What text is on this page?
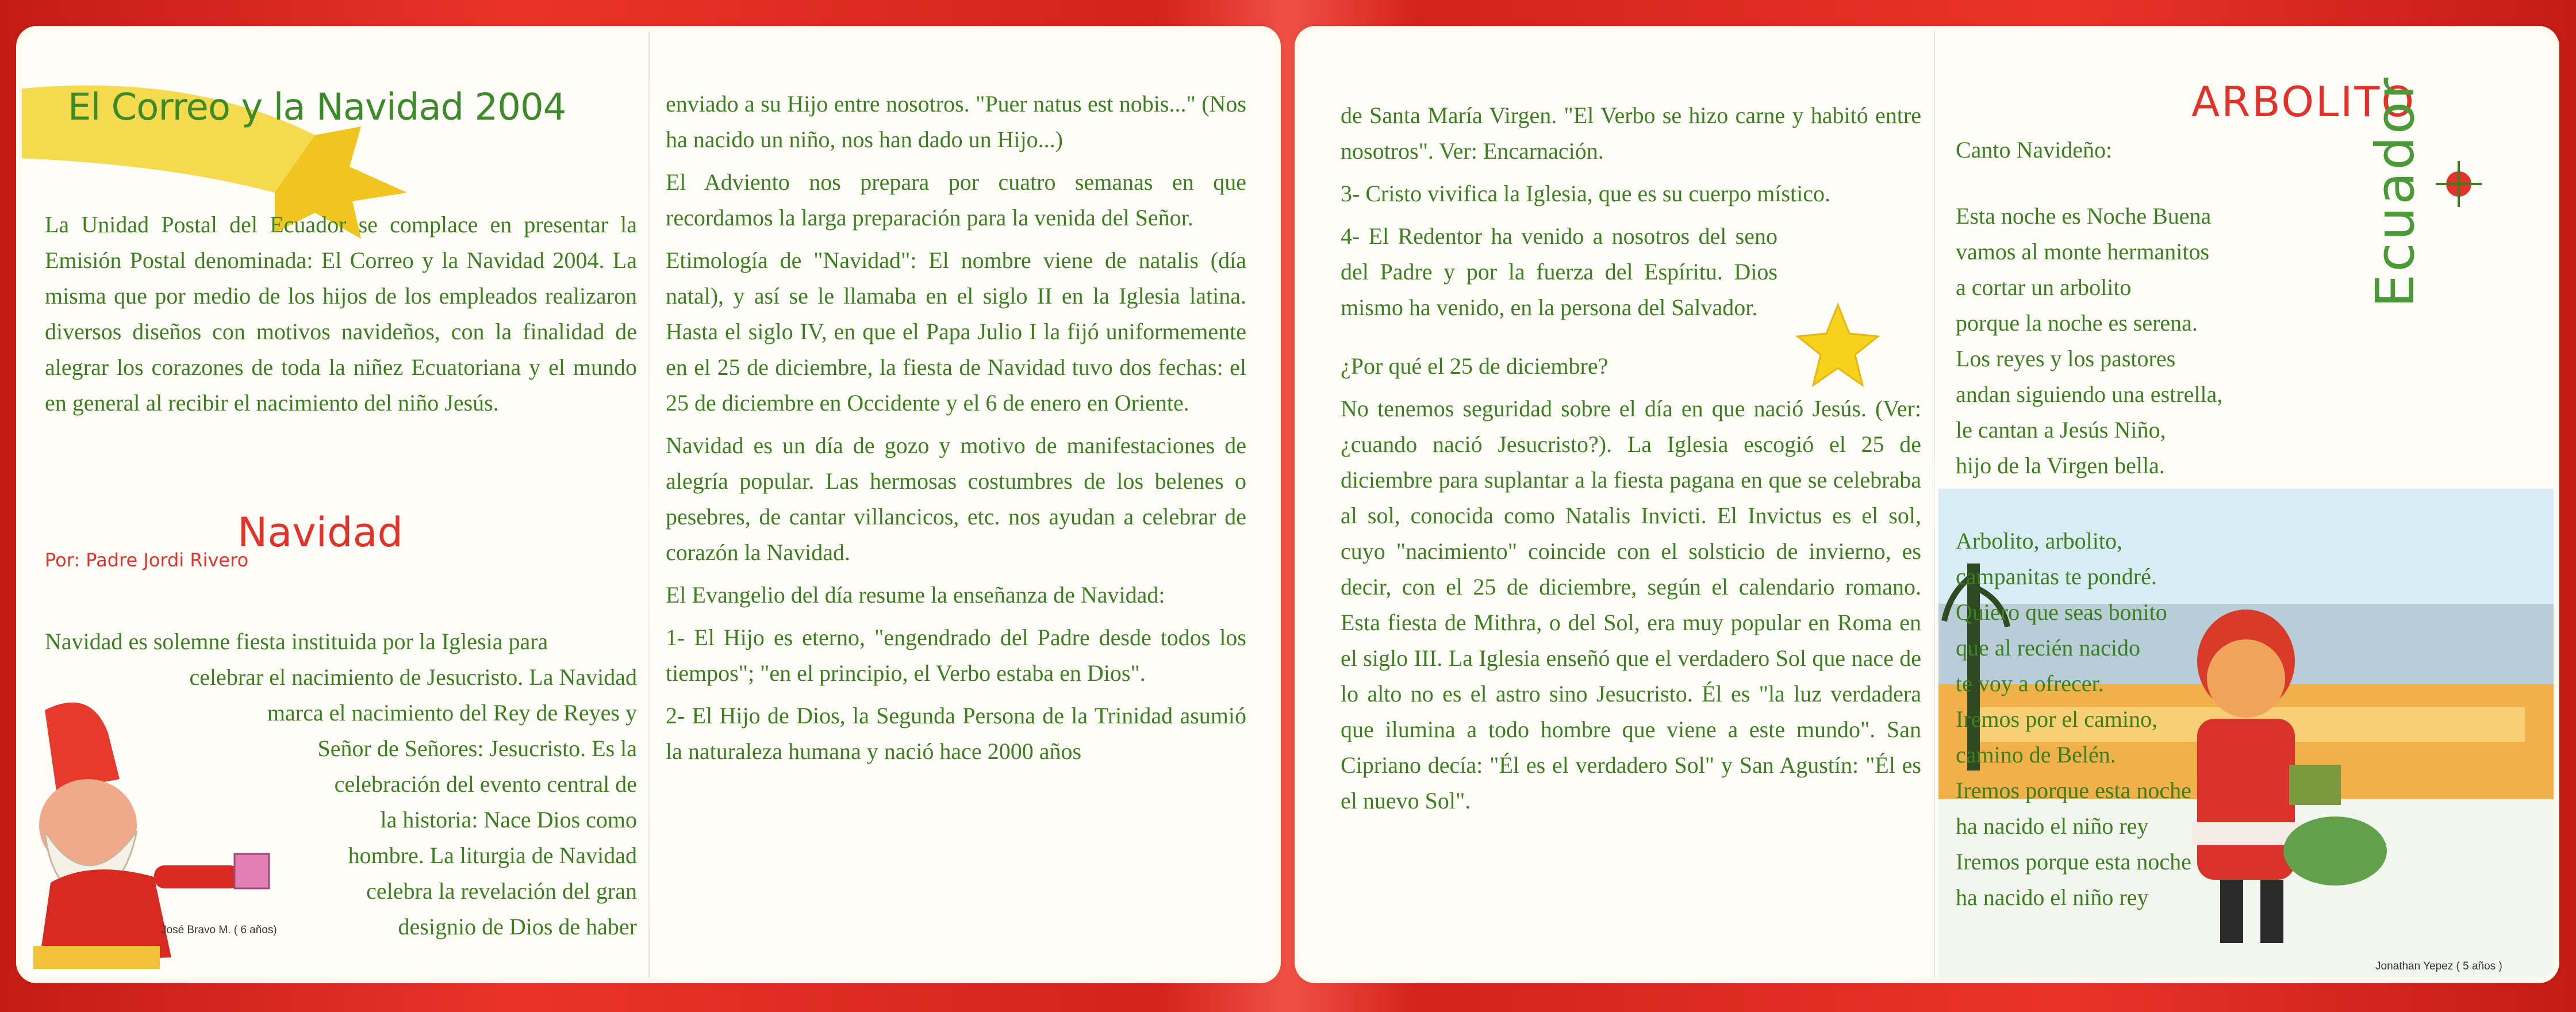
El Correo y la Navidad 2004

La Unidad Postal del Ecuador se complace en presentar la Emisión Postal denominada: El Correo y la Navidad 2004. La misma que por medio de los hijos de los empleados realizaron diversos diseños con motivos navideños, con la finalidad de alegrar los corazones de toda la niñez Ecuatoriana y el mundo en general al recibir el nacimiento del niño Jesús.

Navidad

Por: Padre Jordi Rivero

Navidad es solemne fiesta instituida por la Iglesia para
celebrar el nacimiento de Jesucristo. La Navidad
marca el nacimiento del Rey de Reyes y
Señor de Señores: Jesucristo. Es la
celebración del evento central de
la historia: Nace Dios como
hombre. La liturgia de Navidad
celebra la revelación del gran
designio de Dios de haber
José Bravo M. ( 6 años)

enviado a su Hijo entre nosotros. "Puer natus est nobis..." (Nos ha nacido un niño, nos han dado un Hijo...)

El Adviento nos prepara por cuatro semanas en que recordamos la larga preparación para la venida del Señor.

Etimología de "Navidad": El nombre viene de natalis (día natal), y así se le llamaba en el siglo II en la Iglesia latina. Hasta el siglo IV, en que el Papa Julio I la fijó uniformemente en el 25 de diciembre, la fiesta de Navidad tuvo dos fechas: el 25 de diciembre en Occidente y el 6 de enero en Oriente.

Navidad es un día de gozo y motivo de manifestaciones de alegría popular. Las hermosas costumbres de los belenes o pesebres, de cantar villancicos, etc. nos ayudan a celebrar de corazón la Navidad.

El Evangelio del día resume la enseñanza de Navidad:

1- El Hijo es eterno, "engendrado del Padre desde todos los tiempos"; "en el principio, el Verbo estaba en Dios".

2- El Hijo de Dios, la Segunda Persona de la Trinidad asumió la naturaleza humana y nació hace 2000 años

de Santa María Virgen. "El Verbo se hizo carne y habitó entre nosotros". Ver: Encarnación.

3- Cristo vivifica la Iglesia, que es su cuerpo místico.

4- El Redentor ha venido a nosotros del seno del Padre y por la fuerza del Espíritu. Dios mismo ha venido, en la persona del Salvador.

¿Por qué el 25 de diciembre?

No tenemos seguridad sobre el día en que nació Jesús. (Ver: ¿cuando nació Jesucristo?). La Iglesia escogió el 25 de diciembre para suplantar a la fiesta pagana en que se celebraba al sol, conocida como Natalis Invicti. El Invictus es el sol, cuyo "nacimiento" coincide con el solsticio de invierno, es decir, con el 25 de diciembre, según el calendario romano. Esta fiesta de Mithra, o del Sol, era muy popular en Roma en el siglo III. La Iglesia enseñó que el verdadero Sol que nace de lo alto no es el astro sino Jesucristo. Él es "la luz verdadera que ilumina a todo hombre que viene a este mundo". San Cipriano decía: "Él es el verdadero Sol" y San Agustín: "Él es el nuevo Sol".

ARBOLITO

Canto Navideño:

Esta noche es Noche Buena
vamos al monte hermanitos
a cortar un arbolito
porque la noche es serena.
Los reyes y los pastores
andan siguiendo una estrella,
le cantan a Jesús Niño,
hijo de la Virgen bella.
Arbolito, arbolito,
campanitas te pondré.
Quiero que seas bonito
que al recién nacido
te voy a ofrecer.
Iremos por el camino,
camino de Belén.
Iremos porque esta noche
ha nacido el niño rey
Iremos porque esta noche
ha nacido el niño rey
Ecuador
Jonathan Yepez ( 5 años )
